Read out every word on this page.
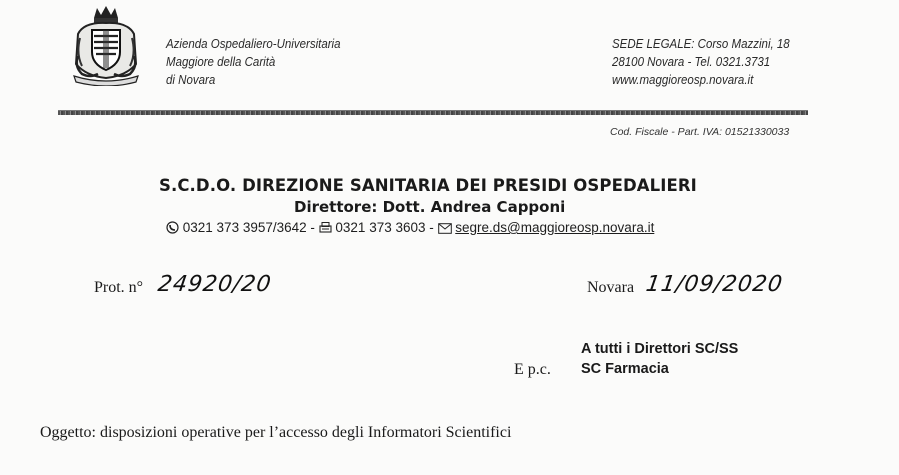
Azienda Ospedaliero-Universitaria
Maggiore della Carità
di Novara
SEDE LEGALE: Corso Mazzini, 18
28100 Novara - Tel. 0321.3731
www.maggioreosp.novara.it
Cod. Fiscale - Part. IVA: 01521330033
S.C.D.O. DIREZIONE SANITARIA DEI PRESIDI OSPEDALIERI
Direttore: Dott. Andrea Capponi
0321 373 3957/3642 -  0321 373 3603 -  segre.ds@maggioreosp.novara.it
Prot. n° 24920/20	Novara 11/09/2020
A tutti i Direttori SC/SS
E p.c. SC Farmacia
Oggetto: disposizioni operative per l’accesso degli Informatori Scientifici
